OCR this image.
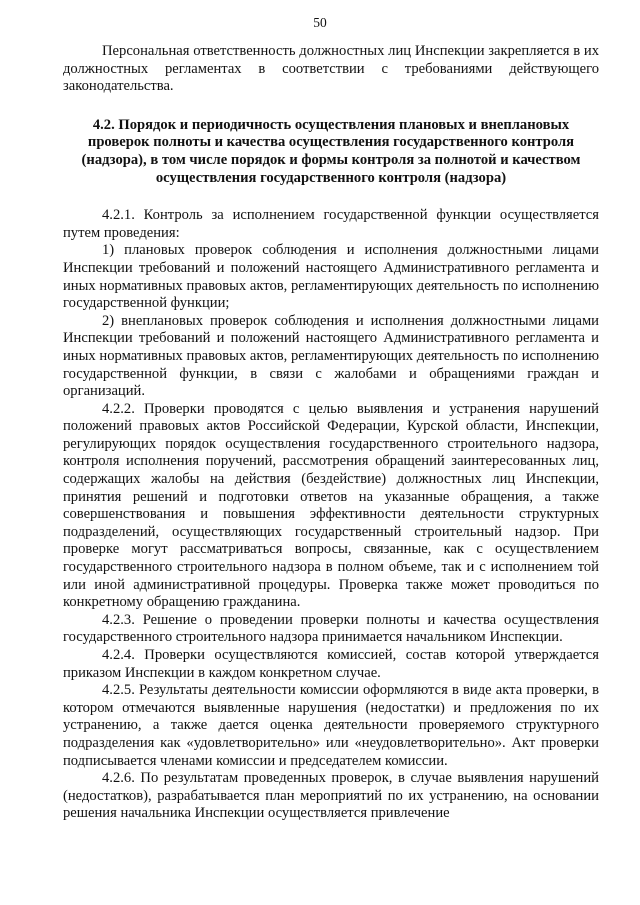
50

Персональная ответственность должностных лиц Инспекции закрепляется в их должностных регламентах в соответствии с требованиями действующего законодательства.

4.2. Порядок и периодичность осуществления плановых и внеплановых проверок полноты и качества осуществления государственного контроля (надзора), в том числе порядок и формы контроля за полнотой и качеством осуществления государственного контроля (надзора)

4.2.1. Контроль за исполнением государственной функции осуществляется путем проведения:

1) плановых проверок соблюдения и исполнения должностными лицами Инспекции требований и положений настоящего Административного регламента и иных нормативных правовых актов, регламентирующих деятельность по исполнению государственной функции;

2) внеплановых проверок соблюдения и исполнения должностными лицами Инспекции требований и положений настоящего Административного регламента и иных нормативных правовых актов, регламентирующих деятельность по исполнению государственной функции, в связи с жалобами и обращениями граждан и организаций.

4.2.2. Проверки проводятся с целью выявления и устранения нарушений положений правовых актов Российской Федерации, Курской области, Инспекции, регулирующих порядок осуществления государственного строительного надзора, контроля исполнения поручений, рассмотрения обращений заинтересованных лиц, содержащих жалобы на действия (бездействие) должностных лиц Инспекции, принятия решений и подготовки ответов на указанные обращения, а также совершенствования и повышения эффективности деятельности структурных подразделений, осуществляющих государственный строительный надзор. При проверке могут рассматриваться вопросы, связанные, как с осуществлением государственного строительного надзора в полном объеме, так и с исполнением той или иной административной процедуры. Проверка также может проводиться по конкретному обращению гражданина.

4.2.3. Решение о проведении проверки полноты и качества осуществления государственного строительного надзора принимается начальником Инспекции.

4.2.4. Проверки осуществляются комиссией, состав которой утверждается приказом Инспекции в каждом конкретном случае.

4.2.5. Результаты деятельности комиссии оформляются в виде акта проверки, в котором отмечаются выявленные нарушения (недостатки) и предложения по их устранению, а также дается оценка деятельности проверяемого структурного подразделения как «удовлетворительно» или «неудовлетворительно». Акт проверки подписывается членами комиссии и председателем комиссии.

4.2.6. По результатам проведенных проверок, в случае выявления нарушений (недостатков), разрабатывается план мероприятий по их устранению, на основании решения начальника Инспекции осуществляется привлечение
